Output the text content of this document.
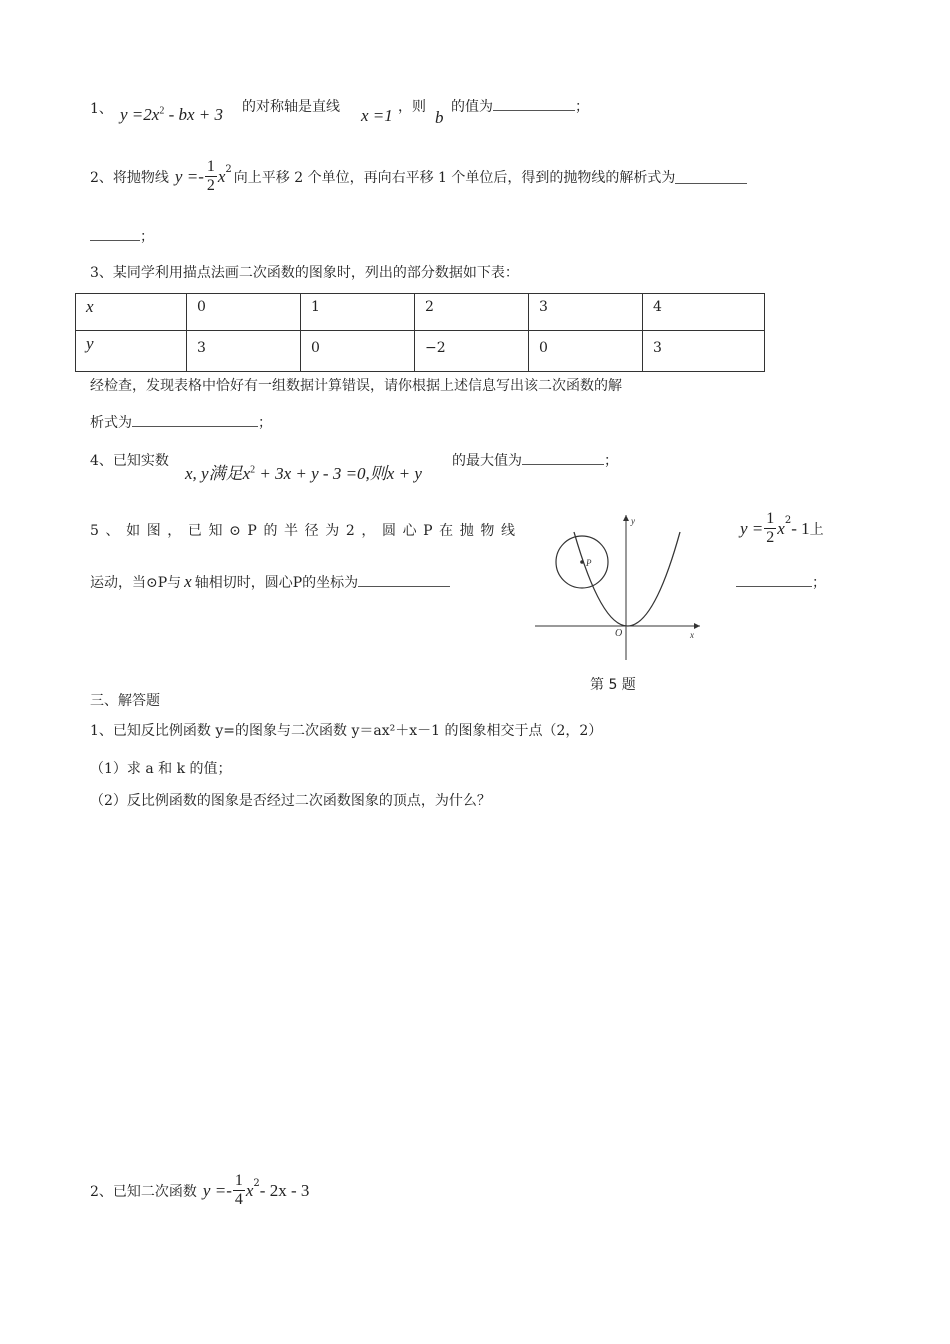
1、 $y =2x^2$ - bx + 3 的对称轴是直线 x =1 ，则
b
的值为	；
2、将抛物线 $y =- \frac{1}{2}$ x 2 向上平移 2 个单位，再向右平移 1 个单位后，得到的抛物线的解析式为
；
3、某同学利用描点法画二次函数的图象时，列出的部分数据如下表：
x	0	1	2	3	4
y	3	0	−2	0	3
经检查，发现表格中恰好有一组数据计算错误，请你根据上述信息写出该二次函数的解
析式为	；
4、已知实数
x, y满足$x^2 + 3x + y - 3 =0$,则x + y
的最大值为	；
5、如图，已知⊙P的半径为2，圆心P在抛物线	$y = \frac{1}{2}$ x 2 - 1 上
运动，当⊙P与 x 轴相切时，圆心P的坐标为	；
y
x
O
P
第 5 题
三、解答题
1、已知反比例函数 y=的图象与二次函数 y＝ax²＋x－1 的图象相交于点（2，2）
（1）求 a 和 k 的值；
（2）反比例函数的图象是否经过二次函数图象的顶点，为什么？
2、已知二次函数 $y =- \frac{1}{4}$ x 2 - 2x - 3
